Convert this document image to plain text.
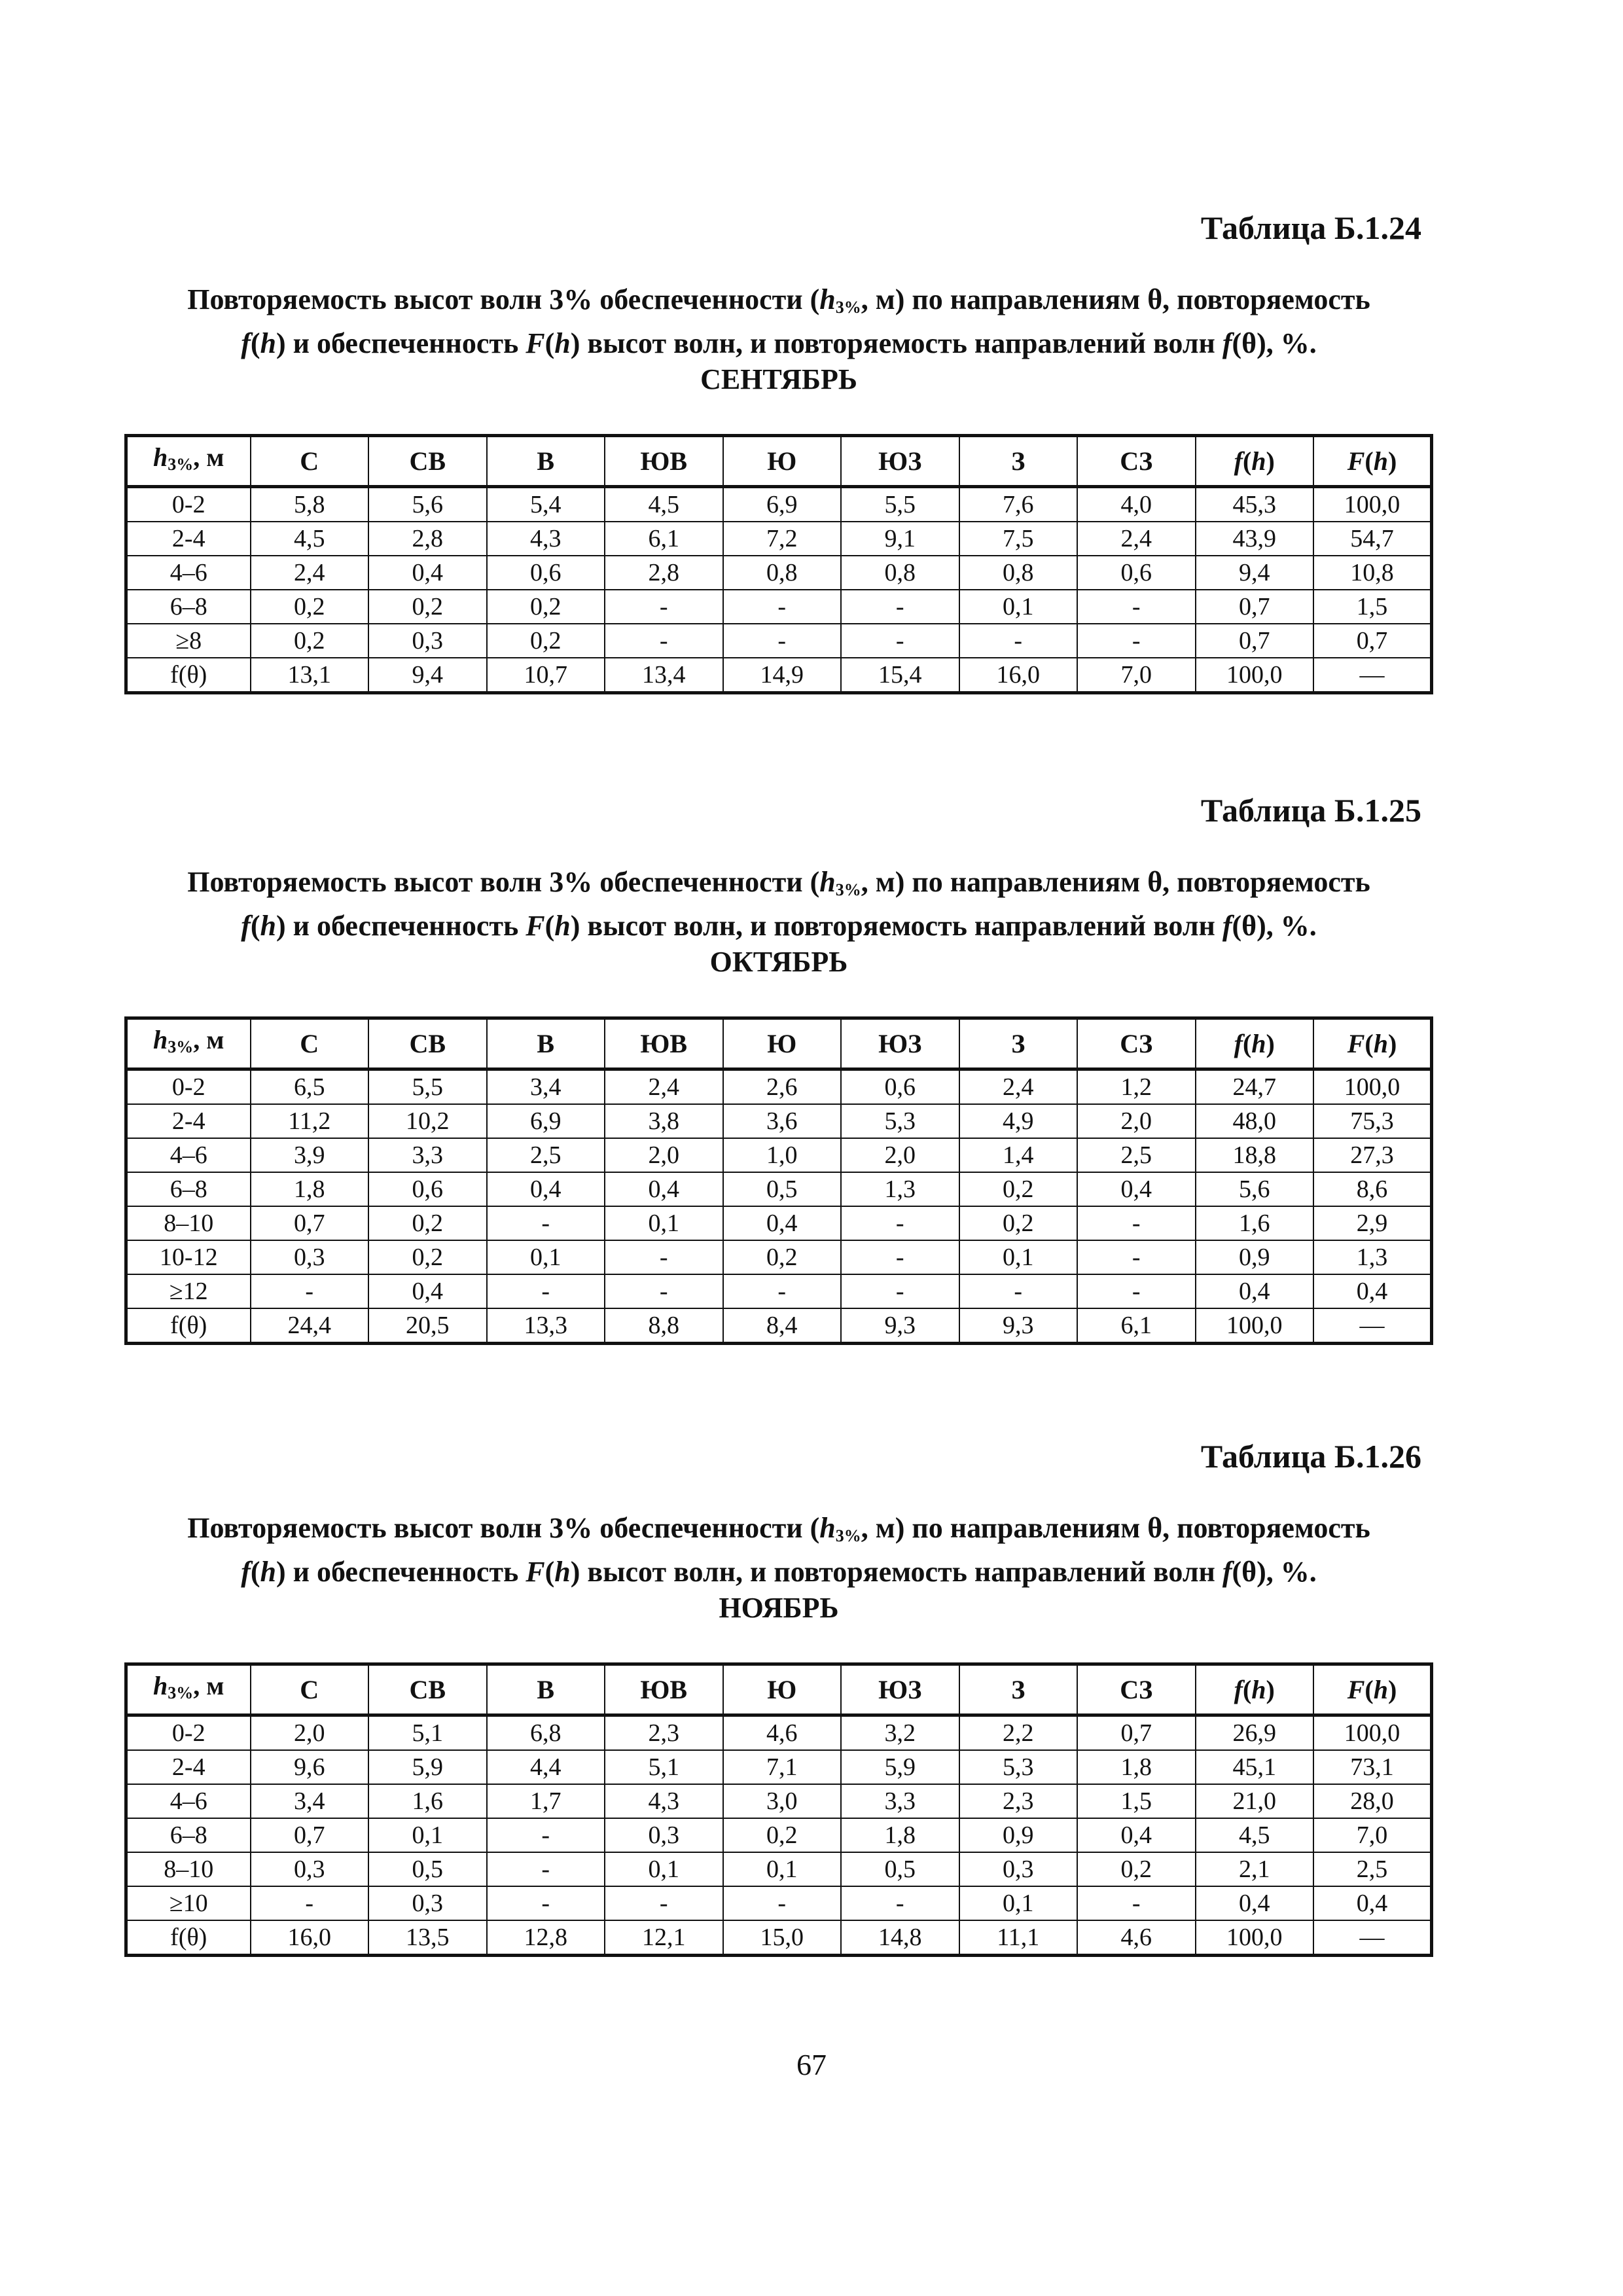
Таблица Б.1.24
Повторяемость высот волн 3% обеспеченности ($h_{3\%}$, м) по направлениям θ, повторяемость
f(h) и обеспеченность F(h) высот волн, и повторяемость направлений волн f(θ), %.
СЕНТЯБРЬ
$h_{3\%}$, м	С	СВ	В	ЮВ	Ю	ЮЗ	З	СЗ	f(h)	F(h)
0-2	5,8	5,6	5,4	4,5	6,9	5,5	7,6	4,0	45,3	100,0
2-4	4,5	2,8	4,3	6,1	7,2	9,1	7,5	2,4	43,9	54,7
4–6	2,4	0,4	0,6	2,8	0,8	0,8	0,8	0,6	9,4	10,8
6–8	0,2	0,2	0,2	-	-	-	0,1	-	0,7	1,5
≥8	0,2	0,3	0,2	-	-	-	-	-	0,7	0,7
f(θ)	13,1	9,4	10,7	13,4	14,9	15,4	16,0	7,0	100,0	—
Таблица Б.1.25
Повторяемость высот волн 3% обеспеченности ($h_{3\%}$, м) по направлениям θ, повторяемость
f(h) и обеспеченность F(h) высот волн, и повторяемость направлений волн f(θ), %.
ОКТЯБРЬ
$h_{3\%}$, м	С	СВ	В	ЮВ	Ю	ЮЗ	З	СЗ	f(h)	F(h)
0-2	6,5	5,5	3,4	2,4	2,6	0,6	2,4	1,2	24,7	100,0
2-4	11,2	10,2	6,9	3,8	3,6	5,3	4,9	2,0	48,0	75,3
4–6	3,9	3,3	2,5	2,0	1,0	2,0	1,4	2,5	18,8	27,3
6–8	1,8	0,6	0,4	0,4	0,5	1,3	0,2	0,4	5,6	8,6
8–10	0,7	0,2	-	0,1	0,4	-	0,2	-	1,6	2,9
10-12	0,3	0,2	0,1	-	0,2	-	0,1	-	0,9	1,3
≥12	-	0,4	-	-	-	-	-	-	0,4	0,4
f(θ)	24,4	20,5	13,3	8,8	8,4	9,3	9,3	6,1	100,0	—
Таблица Б.1.26
Повторяемость высот волн 3% обеспеченности ($h_{3\%}$, м) по направлениям θ, повторяемость
f(h) и обеспеченность F(h) высот волн, и повторяемость направлений волн f(θ), %.
НОЯБРЬ
$h_{3\%}$, м	С	СВ	В	ЮВ	Ю	ЮЗ	З	СЗ	f(h)	F(h)
0-2	2,0	5,1	6,8	2,3	4,6	3,2	2,2	0,7	26,9	100,0
2-4	9,6	5,9	4,4	5,1	7,1	5,9	5,3	1,8	45,1	73,1
4–6	3,4	1,6	1,7	4,3	3,0	3,3	2,3	1,5	21,0	28,0
6–8	0,7	0,1	-	0,3	0,2	1,8	0,9	0,4	4,5	7,0
8–10	0,3	0,5	-	0,1	0,1	0,5	0,3	0,2	2,1	2,5
≥10	-	0,3	-	-	-	-	0,1	-	0,4	0,4
f(θ)	16,0	13,5	12,8	12,1	15,0	14,8	11,1	4,6	100,0	—
67
